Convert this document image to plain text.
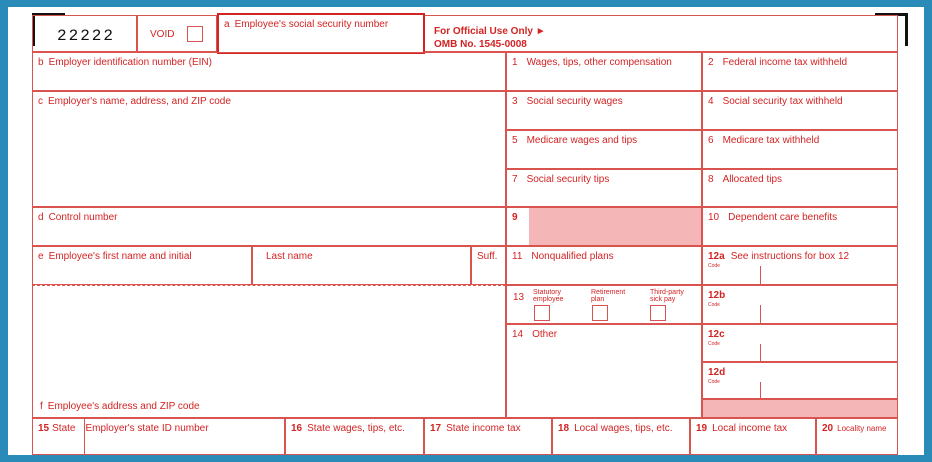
22222	VOID
a Employee's social security number
For Official Use Only ►
OMB No. 1545-0008
b Employer identification number (EIN)
c Employer's name, address, and ZIP code
d Control number
e Employee's first name and initial	Last name	Suff.
f Employee's address and ZIP code
1 Wages, tips, other compensation
3 Social security wages
5 Medicare wages and tips
7 Social security tips
9
11 Nonqualified plans
13 Statutory
employee
Retirement
plan
Third-party
sick pay
14 Other
2 Federal income tax withheld
4 Social security tax withheld
6 Medicare tax withheld
8 Allocated tips
10 Dependent care benefits
12a See instructions for box 12
Code
12b
Code
12c
Code
12d
Code
15 State Employer's state ID number	16 State wages, tips, etc.	17 State income tax	18 Local wages, tips, etc.	19 Local income tax	20 Locality name
